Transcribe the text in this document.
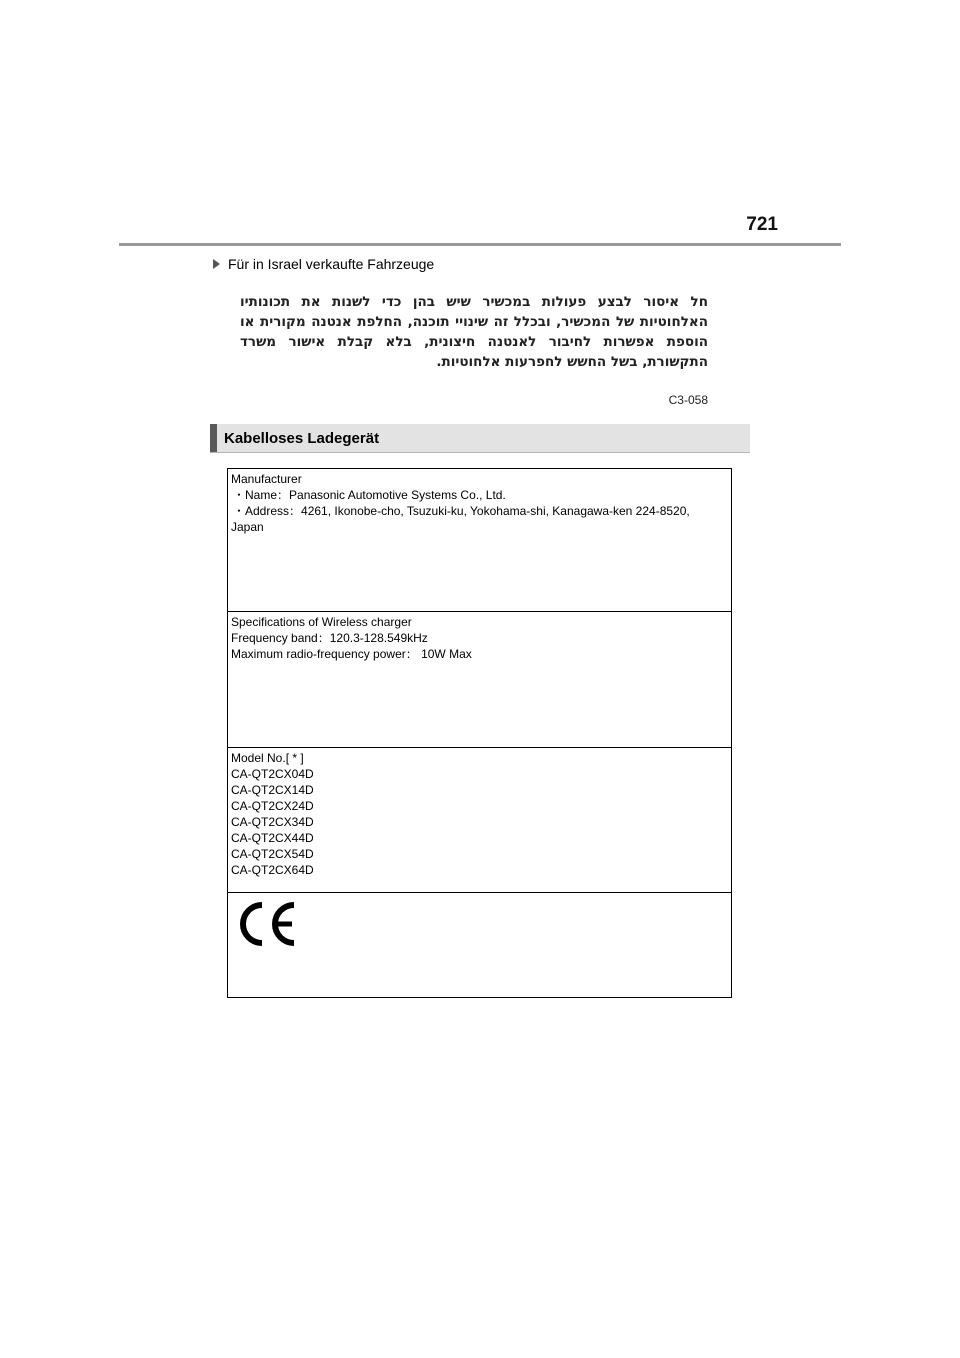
721
Für in Israel verkaufte Fahrzeuge
חל איסור לבצע פעולות במכשיר שיש בהן כדי לשנות את תכונותיו האלחוטיות של המכשיר, ובכלל זה שינויי תוכנה, החלפת אנטנה מקורית או הוספת אפשרות לחיבור לאנטנה חיצונית, בלא קבלת אישור משרד התקשורת, בשל החשש לחפרעות אלחוטיות.
C3-058
Kabelloses Ladegerät
Manufacturer
・Name：Panasonic Automotive Systems Co., Ltd.
・Address：4261, Ikonobe-cho, Tsuzuki-ku, Yokohama-shi, Kanagawa-ken 224-8520,
Japan
Specifications of Wireless charger
Frequency band：120.3-128.549kHz
Maximum radio-frequency power： 10W Max
Model No.[ * ]
CA-QT2CX04D
CA-QT2CX14D
CA-QT2CX24D
CA-QT2CX34D
CA-QT2CX44D
CA-QT2CX54D
CA-QT2CX64D
